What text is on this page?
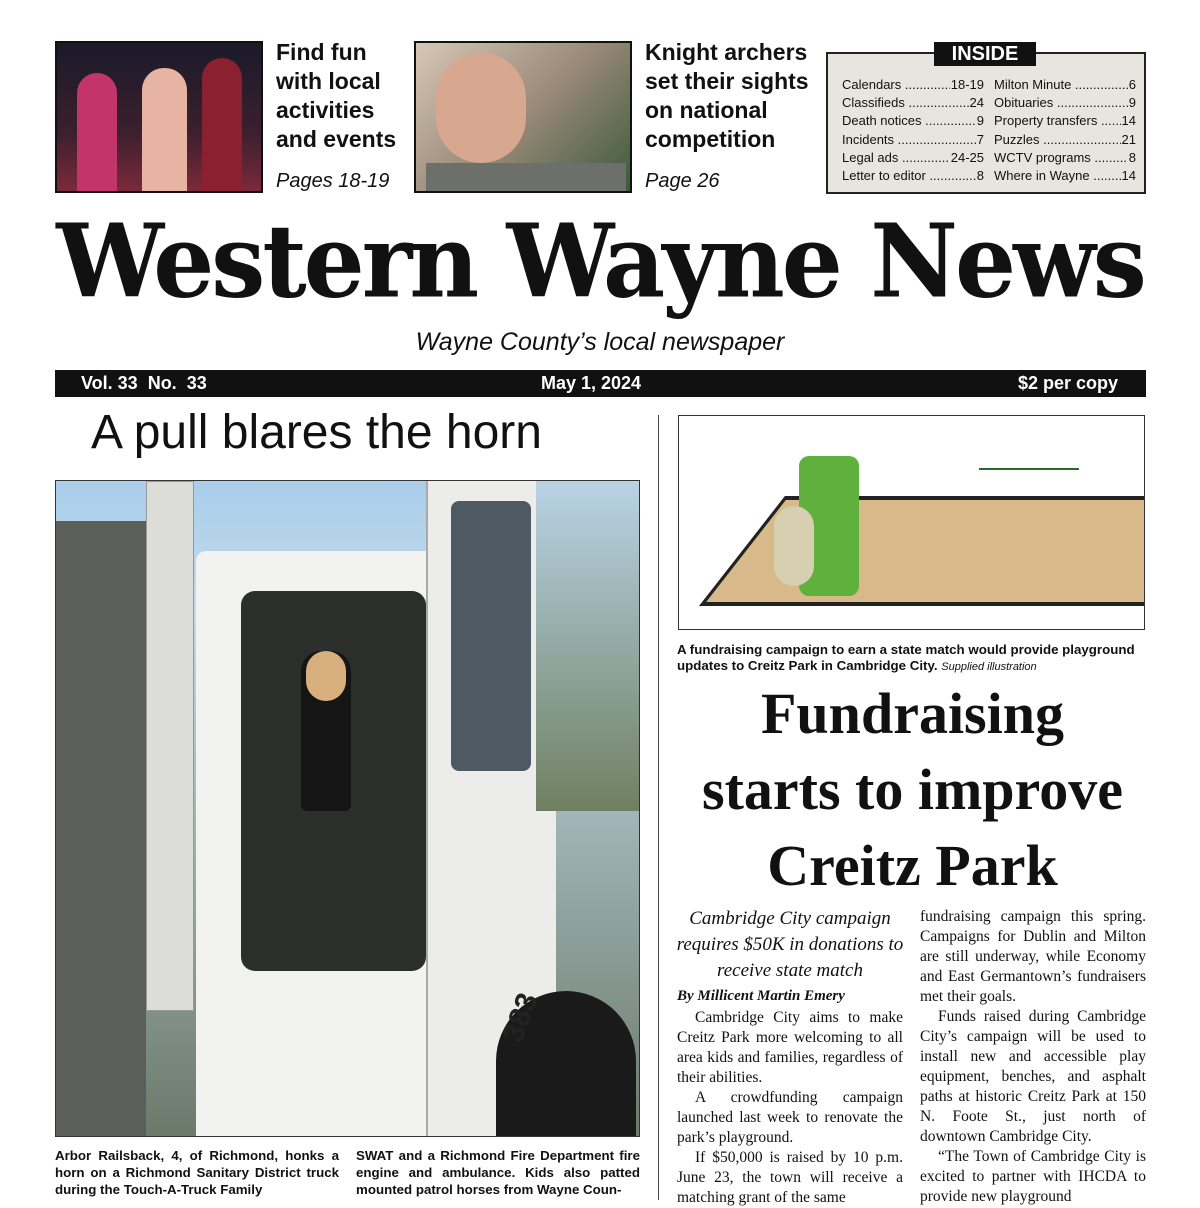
Find fun
with local
activities
and events
Pages 18-19
Knight archers
set their sights
on national
competition
Page 26
Calendars .....	18-19
Classifieds .....	24
Death notices .....	9
Incidents .....	7
Legal ads .....	24-25
Letter to editor .....	8
Milton Minute .....	6
Obituaries .....	9
Property transfers .....	14
Puzzles .....	21
WCTV programs .....	8
Where in Wayne .....	14
INSIDE
Western Wayne News
Wayne County’s local newspaper
Vol. 33  No.  33	May 1, 2024	$2 per copy
A pull blares the horn
383
Arbor Railsback, 4, of Richmond, honks a horn on a Richmond Sanitary District truck during the Touch-A-Truck Family
SWAT and a Richmond Fire Department fire engine and ambulance. Kids also patted mounted patrol horses from Wayne Coun-
A fundraising campaign to earn a state match would provide playground updates to Creitz Park in Cambridge City. Supplied illustration
Fundraising
starts to improve
Creitz Park
Cambridge City campaign requires $50K in donations to receive state match
By Millicent Martin Emery

Cambridge City aims to make Creitz Park more welcoming to all area kids and families, regardless of their abilities.

A crowdfunding campaign launched last week to renovate the park’s playground.

If $50,000 is raised by 10 p.m. June 23, the town will receive a matching grant of the same

fundraising campaign this spring. Campaigns for Dublin and Milton are still underway, while Economy and East Germantown’s fundraisers met their goals.

Funds raised during Cambridge City’s campaign will be used to install new and accessible play equipment, benches, and asphalt paths at historic Creitz Park at 150 N. Foote St., just north of downtown Cambridge City.

“The Town of Cambridge City is excited to partner with IHCDA to provide new playground
